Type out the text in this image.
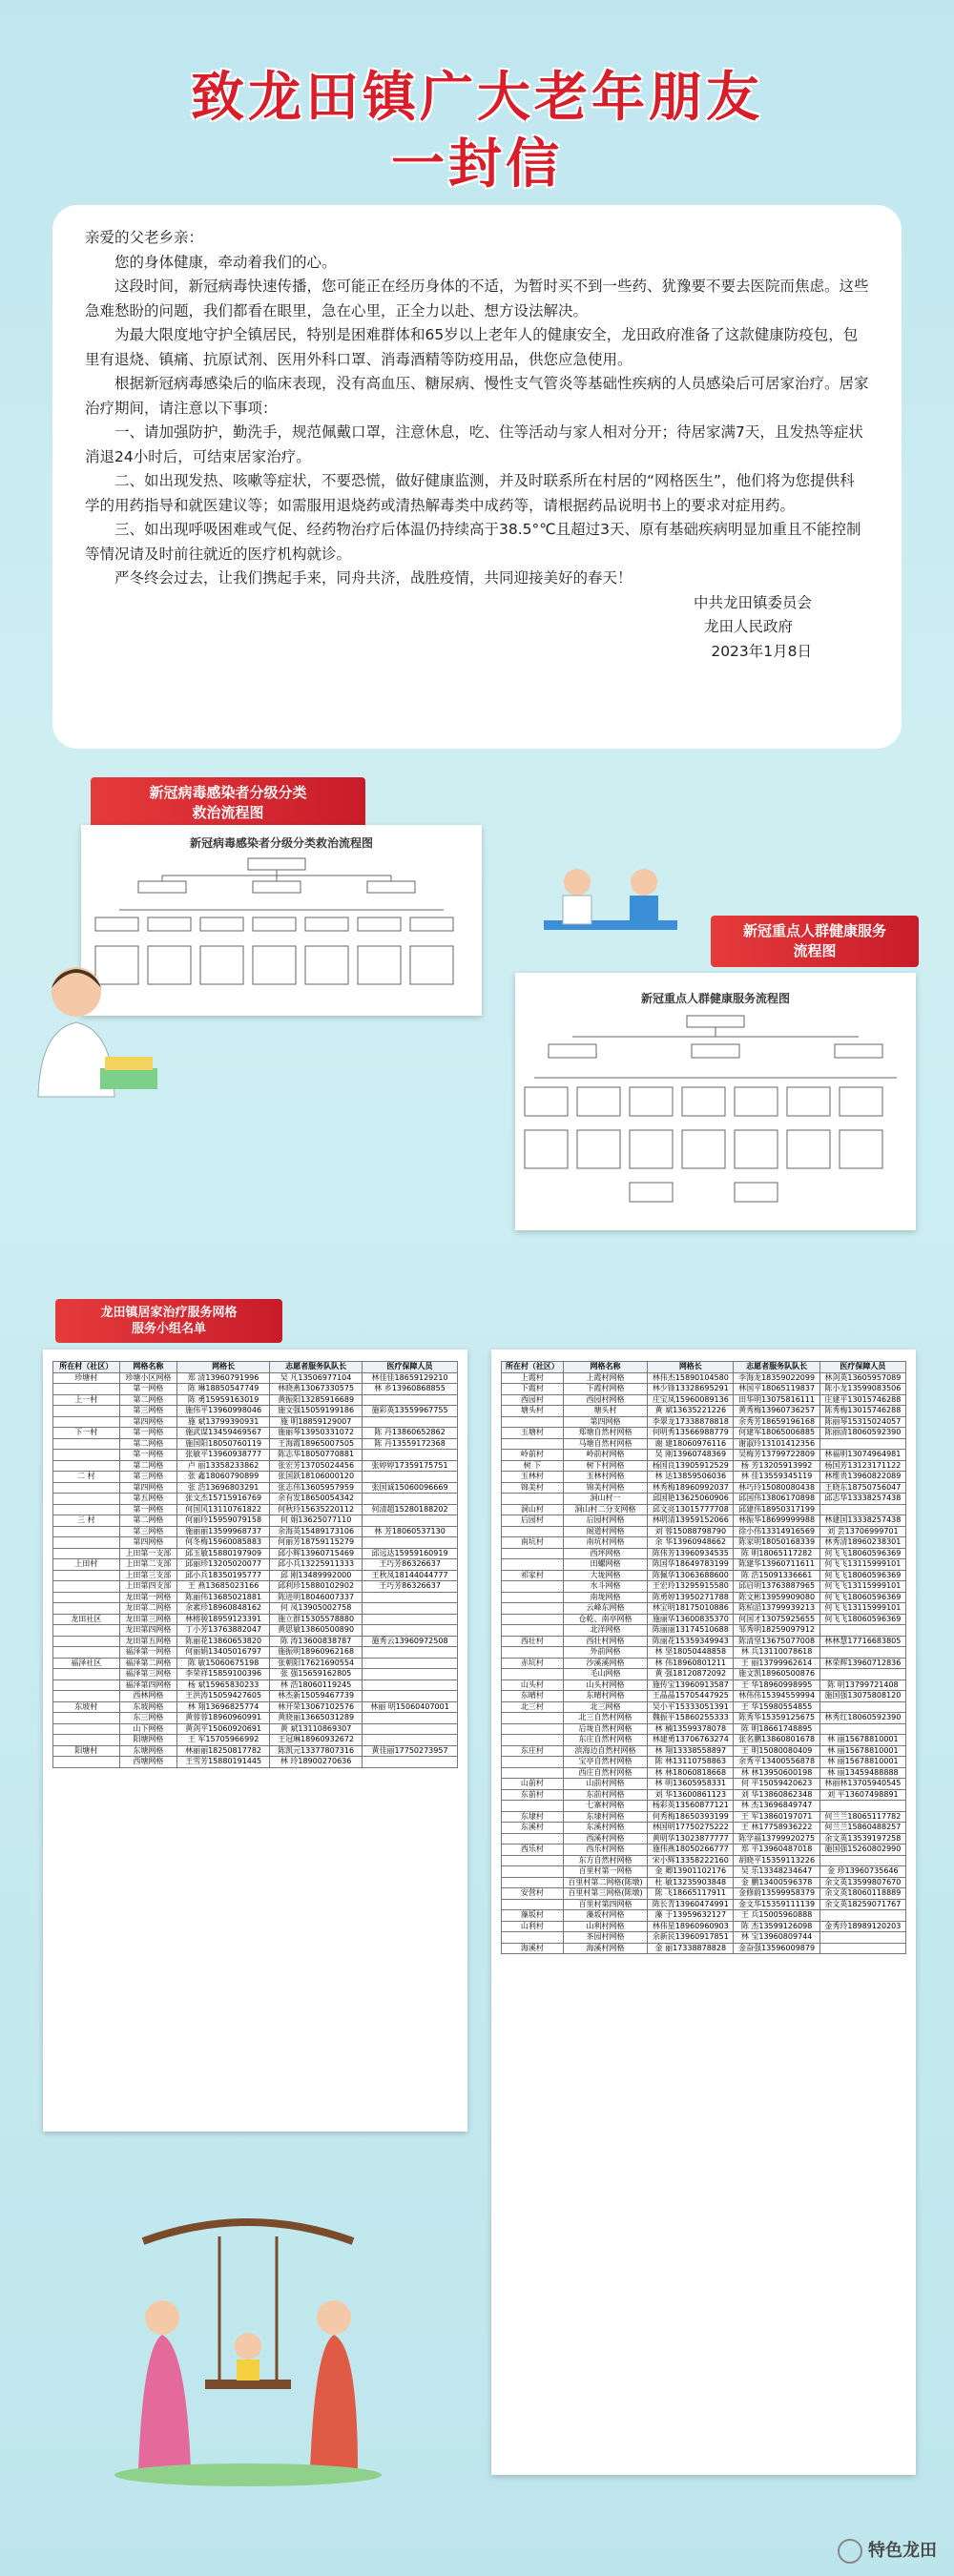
致龙田镇广大老年朋友
一封信

亲爱的父老乡亲：

您的身体健康，牵动着我们的心。

这段时间，新冠病毒快速传播，您可能正在经历身体的不适，为暂时买不到一些药、犹豫要不要去医院而焦虑。这些急难愁盼的问题，我们都看在眼里，急在心里，正全力以赴、想方设法解决。

为最大限度地守护全镇居民，特别是困难群体和65岁以上老年人的健康安全，龙田政府准备了这款健康防疫包，包里有退烧、镇痛、抗原试剂、医用外科口罩、消毒酒精等防疫用品，供您应急使用。

根据新冠病毒感染后的临床表现，没有高血压、糖尿病、慢性支气管炎等基础性疾病的人员感染后可居家治疗。居家治疗期间，请注意以下事项：

一、请加强防护，勤洗手，规范佩戴口罩，注意休息，吃、住等活动与家人相对分开；待居家满7天，且发热等症状消退24小时后，可结束居家治疗。

二、如出现发热、咳嗽等症状，不要恐慌，做好健康监测，并及时联系所在村居的“网格医生”，他们将为您提供科学的用药指导和就医建议等；如需服用退烧药或清热解毒类中成药等，请根据药品说明书上的要求对症用药。

三、如出现呼吸困难或气促、经药物治疗后体温仍持续高于38.5°℃且超过3天、原有基础疾病明显加重且不能控制等情况请及时前往就近的医疗机构就诊。

严冬终会过去，让我们携起手来，同舟共济，战胜疫情，共同迎接美好的春天！

中共龙田镇委员会

龙田人民政府

2023年1月8日

新冠病毒感染者分级分类
救治流程图
新冠病毒感染者分级分类救治流程图
新冠重点人群健康服务
流程图
新冠重点人群健康服务流程图
龙田镇居家治疗服务网格
服务小组名单
所在村（社区）	网格名称	网格长	志愿者服务队队长	医疗保障人员
珍塘村	珍塘小区网格	郑 清13960791996	吴 凡13506977104	林佳佳18659129210
	第一网格	陈 琳18850547749	林晓燕13067330575	林 乡13960868855
上一村	第二网格	陈 勇15959163019	黄振阳13285916689	
	第三网格	施伟平13960998046	施文强15059199186	施彩英13559967755
	第四网格	施 斌13799390931	施 明18859129007	
下一村	第一网格	施武谋13459469567	施丽琴13950331072	陈 丹13860652862
	第二网格	施国阳18050760119	王海霞18965007505	陈 丹13559172368
	第一网格	张敏平13960938777	陈志华18050770881	
	第二网格	卢 丽13358233862	张宏芳13705024456	张婷婷17359175751
二 村	第三网格	张 鑫18060790899	张国跃18106000120	
	第四网格	张 浩13696803291	张志伟13605957959	张国诚15060096669
	第五网格	张文杰15715916769	余有发18650054342	
	第一网格	何国风13110761822	何秋玲15635220112	何清超15280188202
三 村	第二网格	何丽玲15959079158	何 娟13625077110	
	第三网格	施丽丽13599968737	余海英15489173106	林 芳18060537130
	第四网格	何冬梅15960085883	何丽芳18759115279	
	上田第一支部	邱玉敏15880197909	邱小辉13960715469	邱远达15959160919
上田村	上田第二支部	邱丽珍13205020077	邱小兵13225911333	王巧芳86326637
	上田第三支部	邱小兵18350195777	邱 刚13489992000	王秋凤18144044777
	上田第四支部	王 燕13685023166	邱利珍15880102902	王巧芳86326637
	龙田第一网格	陈丽伟13685021881	陈进明18046007337	
	龙田第二网格	余素珍18960848162	何 凤13905002758	
龙田社区	龙田第三网格	林榕骏18959123391	施立群15305578880	
	龙田第四网格	丁小芳13763882047	黄思敏13860500890	
	龙田第五网格	陈丽花13860653820	陈 涛13600838787	施秀云13960972508
	福泽第一网格	何丽娟13405016797	施振明18960962168	
福泽社区	福泽第二网格	陈 敏15060675198	张朝阳17621690554	
	福泽第三网格	李荣祥15859100396	张 强15659162805	
	福泽第四网格	杨 斌15965830233	林 浩18060119245	
	西林网格	王洪涛15059427605	林杰新15059467739	
东坡村	东坡网格	林 翔13696825774	林开荣13067102576	林丽 明15060407001
	东三网格	黄蓉蓉18960960991	黄晓丽13665031289	
	山下网格	黄剑平15060920691	黄 斌13110869307	
	阳塘网格	王 军15705966992	王冠琳18960932672	
阳塘村	东塘网格	林丽丽18250817782	陈凯元13377807316	黄佳丽17750273957
	西塘网格	王雪芳15880191445	林 玲18900270636	
所在村（社区）	网格名称	网格长	志愿者服务队队长	医疗保障人员
上霞村	上霞村网格	林伟杰15890104580	李海龙18359022099	林剑英13605957089
下霞村	下霞村网格	林少锋13328695291	林国平18065119837	陈小龙13599083506
西园村	西园村网格	庄宝凤15960089136	田华明13075816111	庄建平13015746288
塘头村	塘头村	黄 斌13635221226	黄秀梅13960736257	陈秀梅13015746288
	第四网格	李翠龙17338878818	余秀芳18659196168	陈丽琴15315024057
玉塘村	郑塘自然村网格	何明秀13566988779	何建军18065006885	陈丽清18060592390
	马塘自然村网格	谢 建18060976116	谢淑玲13101412356	
岭前村	岭前村网格	吴 刚13960748369	吴梅芳13799722809	林福明13074964981
树 下	树下村网格	杨国良13905912529	杨 芳13205913992	杨国芳13123171122
玉林村	玉林村网格	林 达13859506036	林 佳13559345119	林维贵13960822089
锦美村	锦美村网格	林秀梅18960992037	林巧玲15080080438	王晓东18750756047
	洞山村一	邱国艳13625060906	邱国伟13806170898	邱志华13338257438
洞山村	洞山村二分支网格	邱文亮13015777708	邱建伟18950317199	
后园村	后园村网格	林明清13959152066	林振华18699999988	林建国13338257438
	阁道村网格	刘 蓉15088798790	徐小伟13314916569	刘 芸13706999701
南坑村	南坑村网格	余 华13960948662	陈家明18050168339	林秀清18960238301
	西坪网格	陈伟芳13960934535	陈 明18065117282	何飞飞18060596369
	田螺网格	陈国华18649783199	陈建华13960711611	何飞飞13115999101
祁家村	大垅网格	陈佩华13063688600	陈 浩15091336661	何飞飞18060596369
	水斗网格	王宏玲13295915580	邱启明13763887965	何飞飞13115999101
	南垅网格	陈勇婷13950271788	陈文彬13959909080	何飞飞18060596369
	云峰东网格	林宝明18175010886	陈柏滔13799939213	何飞飞13115999101
	仓乾、南亭网格	施丽华13600835370	何国才13075925655	何飞飞18060596369
	北洋网格	陈丽丽13174510688	邹秀明18259097912	
西壮村	西壮村网格	陈丽花15359349943	陈清坚13675077008	林林慧17716683805
	外前网格	林 坚18050448858	林 兵13110078618	
赤坑村	沙溪溪网格	林 伟18960801211	王 丽13799962614	林荣辉13960712836
	毛山网格	黄 强18120872092	施文凯18960500876	
山头村	山头村网格	施传宝13960913587	王 华18960998995	陈 明13799721408
东晴村	东晴村网格	王晶晶15705447925	林伟伟15394559994	施国强13075808120
北三村	北三网格	吴小平15333051391	王 华15980554855	
	北三自然村网格	魏振平15860255333	陈秀华15359125675	林秀红18060592390
	后垅自然村网格	林 楠13599378078	陈 明18661748895	
	东庄自然村网格	林建勇13706763274	张名鹏13860801678	林 丽15678810001
东庄村	滨海边自然村网格	林 翔13338558897	王 明15080080409	林 丽15678810001
	宝亭自然村网格	陈 林13110758863	余秀平13400556878	林 丽15678810001
	西庄自然村网格	林 林18060818668	林 林13950600198	林 丽13459488888
山前村	山前村网格	林 明13605958331	何 平15059420623	林丽林13705940545
东前村	东前村网格	刘 华13600861123	刘 华13860862348	刘 平13607498891
	七寨村网格	杨彩英13560877121	林 杰13696849747	
东埭村	东埭村网格	何秀梅18650393199	王 军13860197071	何兰兰18065117782
东溪村	东溪村网格	林国明17750275222	王 林17758936222	何兰兰15860488257
	西溪村网格	黄明华13023877777	陈学福13799920275	余文英13539197258
西乐村	西乐村网格	施伟燕18050266777	郑 平13960487018	施国强15260802990
	东方自然村网格	宋小辉13358222160	胡晓平15359113226	
	百里村第一网格	金 卿13901102176	吴 乐13348234647	金 珍13960735646
	百里村第二网格(陈墩)	杜 敏13235903848	金 鹏13400596378	余文英13599807670
安营村	百里村第三网格(陈墩)	陈 飞18665117911	金修蔚13599958379	余文英18060118889
	百里村第四网格	陈长青13960474991	金文华15359111139	余文英18259071767
藻坂村	藻坂村网格	藻 于13959632127	王 兵15005960888	
山利村	山利村网格	林伟星18960960903	陈 杰13599126098	金秀玲18989120203
	茶园村网格	余新民13960917851	林 宝13960809744	
海溪村	海溪村网格	金 丽17338878828	金奋强13596009879	
特色龙田
